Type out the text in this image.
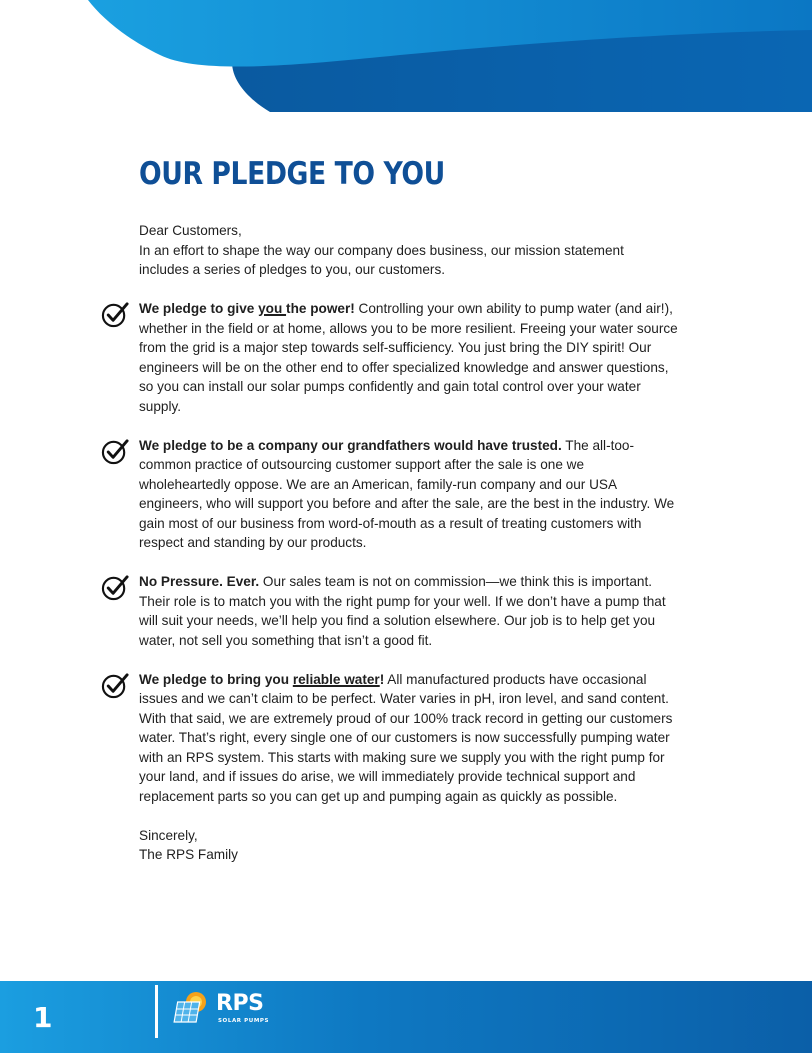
OUR PLEDGE TO YOU

Dear Customers,

In an effort to shape the way our company does business, our mission statement

includes a series of pledges to you, our customers.

We pledge to give you the power! Controlling your own ability to pump water (and air!), whether in the field or at home, allows you to be more resilient. Freeing your water source from the grid is a major step towards self-sufficiency. You just bring the DIY spirit! Our engineers will be on the other end to offer specialized knowledge and answer questions, so you can install our solar pumps confidently and gain total control over your water supply.

We pledge to be a company our grandfathers would have trusted. The all-too-common practice of outsourcing customer support after the sale is one we wholeheartedly oppose. We are an American, family-run company and our USA engineers, who will support you before and after the sale, are the best in the industry. We gain most of our business from word-of-mouth as a result of treating customers with respect and standing by our products.

No Pressure. Ever. Our sales team is not on commission—we think this is important. Their role is to match you with the right pump for your well. If we don’t have a pump that will suit your needs, we’ll help you find a solution elsewhere. Our job is to help get you water, not sell you something that isn’t a good fit.

We pledge to bring you reliable water! All manufactured products have occasional issues and we can’t claim to be perfect. Water varies in pH, iron level, and sand content. With that said, we are extremely proud of our 100% track record in getting our customers water. That’s right, every single one of our customers is now successfully pumping water with an RPS system. This starts with making sure we supply you with the right pump for your land, and if issues do arise, we will immediately provide technical support and replacement parts so you can get up and pumping again as quickly as possible.

Sincerely,

The RPS Family

1	RPS
SOLAR PUMPS
